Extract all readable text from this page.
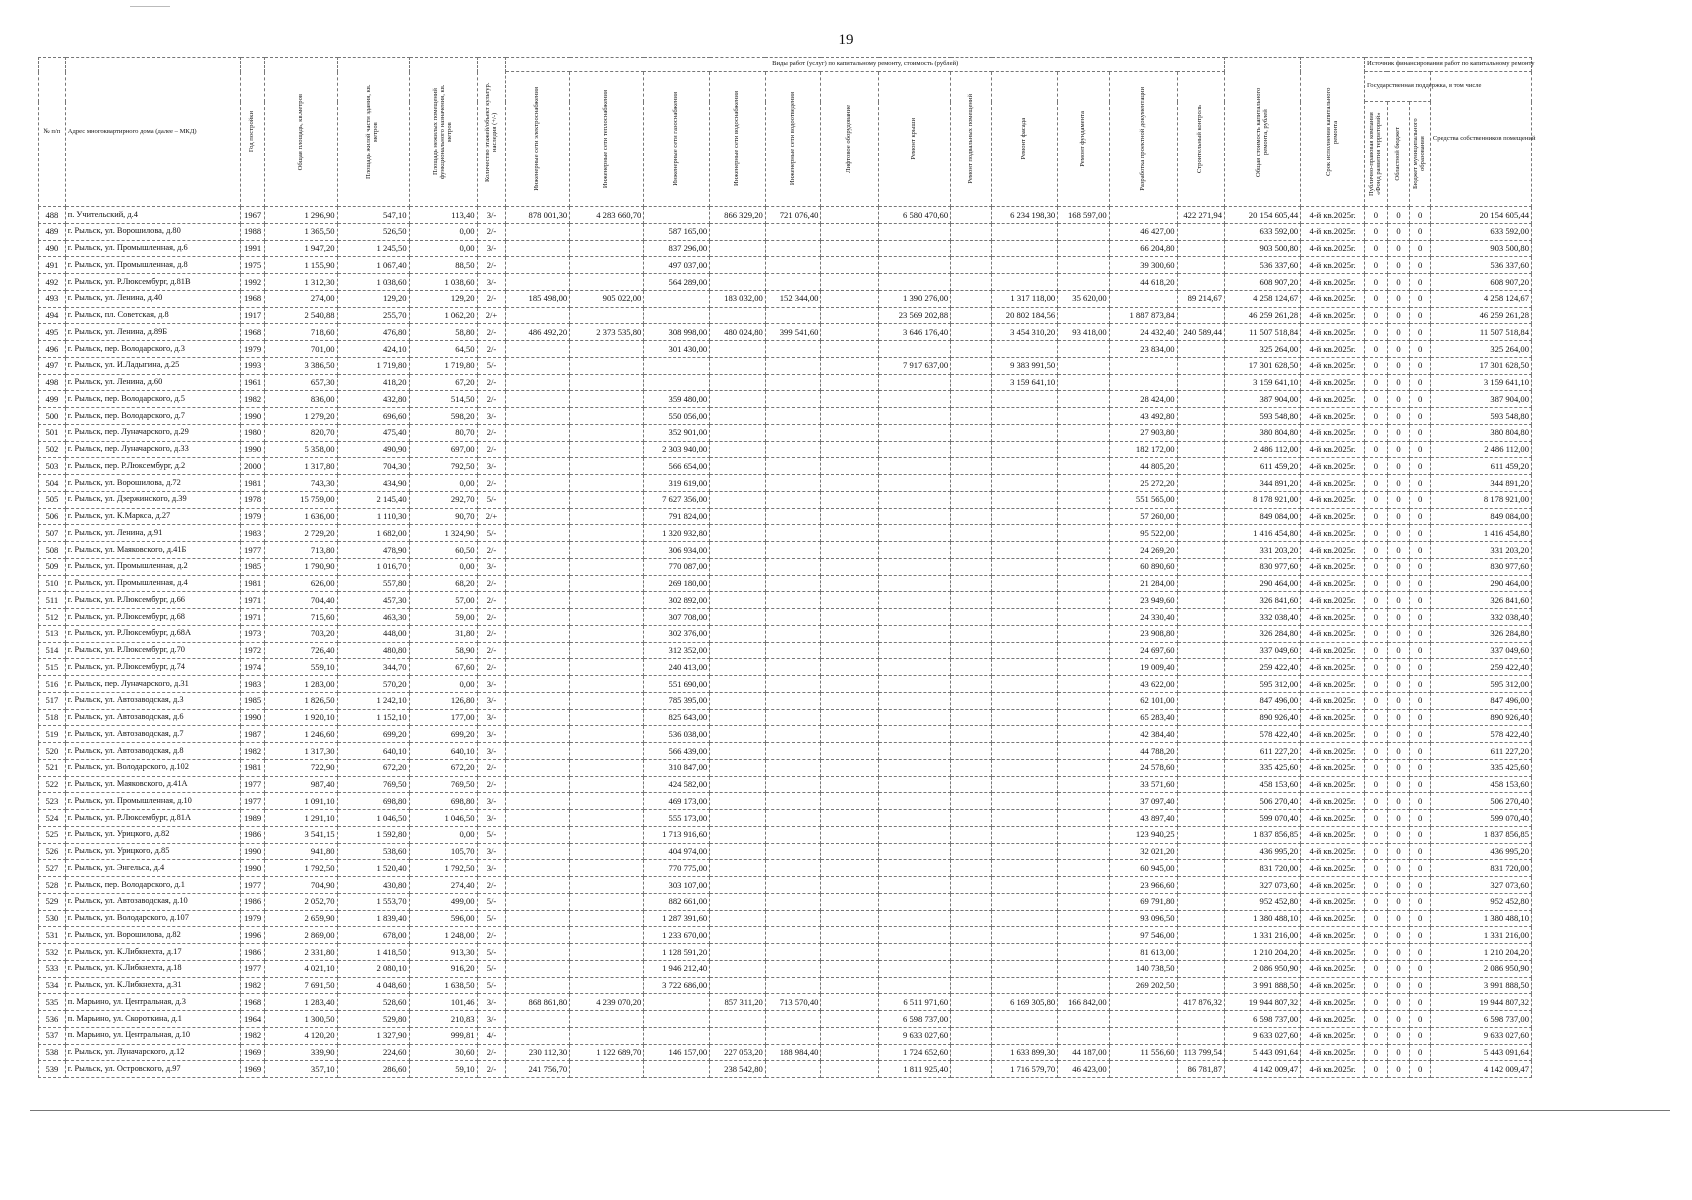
19
№ п/п	Адрес многоквартирного дома (далее – МКД)	Год постройки	Общая площадь, кв.метров	Площадь жилой части здания, кв. метров	Площадь нежилых помещений функционального назначения, кв. метров	Количество этажей/объект культур. наследия (+/-)	Виды работ (услуг) по капитальному ремонту, стоимость (рублей)												Общая стоимость капитального ремонта, рублей	Срок исполнения капитального ремонта	Источник финансирования работ по капитальному ремонту			

							Инженерные сети электроснабжения	Инженерные сети теплоснабжения	Инженерные сети газоснабжения	Инженерные сети водоснабжения	Инженерные сети водоотведения	Лифтовое оборудование	Ремонт крыши	Ремонт подвальных помещений	Ремонт фасада	Ремонт фундамента	Разработка проектной документации	Строительный контроль			Государственная поддержка, в том числе			Средства собственников помещений

																					Публично-правовая компания «Фонд развития территорий»	Областной бюджет	Бюджет муниципального образования	

488	п. Учительский, д.4	1967	1 296,90	547,10	113,40	3/-	878 001,30	4 283 660,70		866 329,20	721 076,40		6 580 470,60		6 234 198,30	168 597,00		422 271,94	20 154 605,44	4-й кв.2025г.	0	0	0	20 154 605,44
489	г. Рыльск, ул. Ворошилова, д.80	1988	1 365,50	526,50	0,00	2/-			587 165,00								46 427,00		633 592,00	4-й кв.2025г.	0	0	0	633 592,00
490	г. Рыльск, ул. Промышленная, д.6	1991	1 947,20	1 245,50	0,00	3/-			837 296,00								66 204,80		903 500,80	4-й кв.2025г.	0	0	0	903 500,80
491	г. Рыльск, ул. Промышленная, д.8	1975	1 155,90	1 067,40	88,50	2/-			497 037,00								39 300,60		536 337,60	4-й кв.2025г.	0	0	0	536 337,60
492	г. Рыльск, ул. Р.Люксембург, д.81В	1992	1 312,30	1 038,60	1 038,60	3/-			564 289,00								44 618,20		608 907,20	4-й кв.2025г.	0	0	0	608 907,20
493	г. Рыльск, ул. Ленина, д.40	1968	274,00	129,20	129,20	2/-	185 498,00	905 022,00		183 032,00	152 344,00		1 390 276,00		1 317 118,00	35 620,00		89 214,67	4 258 124,67	4-й кв.2025г.	0	0	0	4 258 124,67
494	г. Рыльск, пл. Советская, д.8	1917	2 540,88	255,70	1 062,20	2/+							23 569 202,88		20 802 184,56		1 887 873,84		46 259 261,28	4-й кв.2025г.	0	0	0	46 259 261,28
495	г. Рыльск, ул. Ленина, д.89Б	1968	718,60	476,80	58,80	2/-	486 492,20	2 373 535,80	308 998,00	480 024,80	399 541,60		3 646 176,40		3 454 310,20	93 418,00	24 432,40	240 589,44	11 507 518,84	4-й кв.2025г.	0	0	0	11 507 518,84
496	г. Рыльск, пер. Володарского, д.3	1979	701,00	424,10	64,50	2/-			301 430,00								23 834,00		325 264,00	4-й кв.2025г.	0	0	0	325 264,00
497	г. Рыльск, ул. И.Ладыгина, д.25	1993	3 386,50	1 719,80	1 719,80	5/-							7 917 637,00		9 383 991,50				17 301 628,50	4-й кв.2025г.	0	0	0	17 301 628,50
498	г. Рыльск, ул. Ленина, д.60	1961	657,30	418,20	67,20	2/-									3 159 641,10				3 159 641,10	4-й кв.2025г.	0	0	0	3 159 641,10
499	г. Рыльск, пер. Володарского, д.5	1982	836,00	432,80	514,50	2/-			359 480,00								28 424,00		387 904,00	4-й кв.2025г.	0	0	0	387 904,00
500	г. Рыльск, пер. Володарского, д.7	1990	1 279,20	696,60	598,20	3/-			550 056,00								43 492,80		593 548,80	4-й кв.2025г.	0	0	0	593 548,80
501	г. Рыльск, пер. Луначарского, д.29	1980	820,70	475,40	80,70	2/-			352 901,00								27 903,80		380 804,80	4-й кв.2025г.	0	0	0	380 804,80
502	г. Рыльск, пер. Луначарского, д.33	1990	5 358,00	490,90	697,00	2/-			2 303 940,00								182 172,00		2 486 112,00	4-й кв.2025г.	0	0	0	2 486 112,00
503	г. Рыльск, пер. Р.Люксембург, д.2	2000	1 317,80	704,30	792,50	3/-			566 654,00								44 805,20		611 459,20	4-й кв.2025г.	0	0	0	611 459,20
504	г. Рыльск, ул. Ворошилова, д.72	1981	743,30	434,90	0,00	2/-			319 619,00								25 272,20		344 891,20	4-й кв.2025г.	0	0	0	344 891,20
505	г. Рыльск, ул. Дзержинского, д.39	1978	15 759,00	2 145,40	292,70	5/-			7 627 356,00								551 565,00		8 178 921,00	4-й кв.2025г.	0	0	0	8 178 921,00
506	г. Рыльск, ул. К.Маркса, д.27	1979	1 636,00	1 110,30	90,70	2/+			791 824,00								57 260,00		849 084,00	4-й кв.2025г.	0	0	0	849 084,00
507	г. Рыльск, ул. Ленина, д.91	1983	2 729,20	1 682,00	1 324,90	5/-			1 320 932,80								95 522,00		1 416 454,80	4-й кв.2025г.	0	0	0	1 416 454,80
508	г. Рыльск, ул. Маяковского, д.41Б	1977	713,80	478,90	60,50	2/-			306 934,00								24 269,20		331 203,20	4-й кв.2025г.	0	0	0	331 203,20
509	г. Рыльск, ул. Промышленная, д.2	1985	1 790,90	1 016,70	0,00	3/-			770 087,00								60 890,60		830 977,60	4-й кв.2025г.	0	0	0	830 977,60
510	г. Рыльск, ул. Промышленная, д.4	1981	626,00	557,80	68,20	2/-			269 180,00								21 284,00		290 464,00	4-й кв.2025г.	0	0	0	290 464,00
511	г. Рыльск, ул. Р.Люксембург, д.66	1971	704,40	457,30	57,00	2/-			302 892,00								23 949,60		326 841,60	4-й кв.2025г.	0	0	0	326 841,60
512	г. Рыльск, ул. Р.Люксембург, д.68	1971	715,60	463,30	59,00	2/-			307 708,00								24 330,40		332 038,40	4-й кв.2025г.	0	0	0	332 038,40
513	г. Рыльск, ул. Р.Люксембург, д.68А	1973	703,20	448,00	31,80	2/-			302 376,00								23 908,80		326 284,80	4-й кв.2025г.	0	0	0	326 284,80
514	г. Рыльск, ул. Р.Люксембург, д.70	1972	726,40	480,80	58,90	2/-			312 352,00								24 697,60		337 049,60	4-й кв.2025г.	0	0	0	337 049,60
515	г. Рыльск, ул. Р.Люксембург, д.74	1974	559,10	344,70	67,60	2/-			240 413,00								19 009,40		259 422,40	4-й кв.2025г.	0	0	0	259 422,40
516	г. Рыльск, пер. Луначарского, д.31	1983	1 283,00	570,20	0,00	3/-			551 690,00								43 622,00		595 312,00	4-й кв.2025г.	0	0	0	595 312,00
517	г. Рыльск, ул. Автозаводская, д.3	1985	1 826,50	1 242,10	126,80	3/-			785 395,00								62 101,00		847 496,00	4-й кв.2025г.	0	0	0	847 496,00
518	г. Рыльск, ул. Автозаводская, д.6	1990	1 920,10	1 152,10	177,00	3/-			825 643,00								65 283,40		890 926,40	4-й кв.2025г.	0	0	0	890 926,40
519	г. Рыльск, ул. Автозаводская, д.7	1987	1 246,60	699,20	699,20	3/-			536 038,00								42 384,40		578 422,40	4-й кв.2025г.	0	0	0	578 422,40
520	г. Рыльск, ул. Автозаводская, д.8	1982	1 317,30	640,10	640,10	3/-			566 439,00								44 788,20		611 227,20	4-й кв.2025г.	0	0	0	611 227,20
521	г. Рыльск, ул. Володарского, д.102	1981	722,90	672,20	672,20	2/-			310 847,00								24 578,60		335 425,60	4-й кв.2025г.	0	0	0	335 425,60
522	г. Рыльск, ул. Маяковского, д.41А	1977	987,40	769,50	769,50	2/-			424 582,00								33 571,60		458 153,60	4-й кв.2025г.	0	0	0	458 153,60
523	г. Рыльск, ул. Промышленная, д.10	1977	1 091,10	698,80	698,80	3/-			469 173,00								37 097,40		506 270,40	4-й кв.2025г.	0	0	0	506 270,40
524	г. Рыльск, ул. Р.Люксембург, д.81А	1989	1 291,10	1 046,50	1 046,50	3/-			555 173,00								43 897,40		599 070,40	4-й кв.2025г.	0	0	0	599 070,40
525	г. Рыльск, ул. Урицкого, д.82	1986	3 541,15	1 592,80	0,00	5/-			1 713 916,60								123 940,25		1 837 856,85	4-й кв.2025г.	0	0	0	1 837 856,85
526	г. Рыльск, ул. Урицкого, д.85	1990	941,80	538,60	105,70	3/-			404 974,00								32 021,20		436 995,20	4-й кв.2025г.	0	0	0	436 995,20
527	г. Рыльск, ул. Энгельса, д.4	1990	1 792,50	1 520,40	1 792,50	3/-			770 775,00								60 945,00		831 720,00	4-й кв.2025г.	0	0	0	831 720,00
528	г. Рыльск, пер. Володарского, д.1	1977	704,90	430,80	274,40	2/-			303 107,00								23 966,60		327 073,60	4-й кв.2025г.	0	0	0	327 073,60
529	г. Рыльск, ул. Автозаводская, д.10	1986	2 052,70	1 553,70	499,00	5/-			882 661,00								69 791,80		952 452,80	4-й кв.2025г.	0	0	0	952 452,80
530	г. Рыльск, ул. Володарского, д.107	1979	2 659,90	1 839,40	596,00	5/-			1 287 391,60								93 096,50		1 380 488,10	4-й кв.2025г.	0	0	0	1 380 488,10
531	г. Рыльск, ул. Ворошилова, д.82	1996	2 869,00	678,00	1 248,00	2/-			1 233 670,00								97 546,00		1 331 216,00	4-й кв.2025г.	0	0	0	1 331 216,00
532	г. Рыльск, ул. К.Либкнехта, д.17	1986	2 331,80	1 418,50	913,30	5/-			1 128 591,20								81 613,00		1 210 204,20	4-й кв.2025г.	0	0	0	1 210 204,20
533	г. Рыльск, ул. К.Либкнехта, д.18	1977	4 021,10	2 080,10	916,20	5/-			1 946 212,40								140 738,50		2 086 950,90	4-й кв.2025г.	0	0	0	2 086 950,90
534	г. Рыльск, ул. К.Либкнехта, д.31	1982	7 691,50	4 048,60	1 638,50	5/-			3 722 686,00								269 202,50		3 991 888,50	4-й кв.2025г.	0	0	0	3 991 888,50
535	п. Марьино, ул. Центральная, д.3	1968	1 283,40	528,60	101,46	3/-	868 861,80	4 239 070,20		857 311,20	713 570,40		6 511 971,60		6 169 305,80	166 842,00		417 876,32	19 944 807,32	4-й кв.2025г.	0	0	0	19 944 807,32
536	п. Марьино, ул. Скороткина, д.1	1964	1 300,50	529,80	210,83	3/-							6 598 737,00						6 598 737,00	4-й кв.2025г.	0	0	0	6 598 737,00
537	п. Марьино, ул. Центральная, д.10	1982	4 120,20	1 327,90	999,81	4/-							9 633 027,60						9 633 027,60	4-й кв.2025г.	0	0	0	9 633 027,60
538	г. Рыльск, ул. Луначарского, д.12	1969	339,90	224,60	30,60	2/-	230 112,30	1 122 689,70	146 157,00	227 053,20	188 984,40		1 724 652,60		1 633 899,30	44 187,00	11 556,60	113 799,54	5 443 091,64	4-й кв.2025г.	0	0	0	5 443 091,64
539	г. Рыльск, ул. Островского, д.97	1969	357,10	286,60	59,10	2/-	241 756,70			238 542,80			1 811 925,40		1 716 579,70	46 423,00		86 781,87	4 142 009,47	4-й кв.2025г.	0	0	0	4 142 009,47
